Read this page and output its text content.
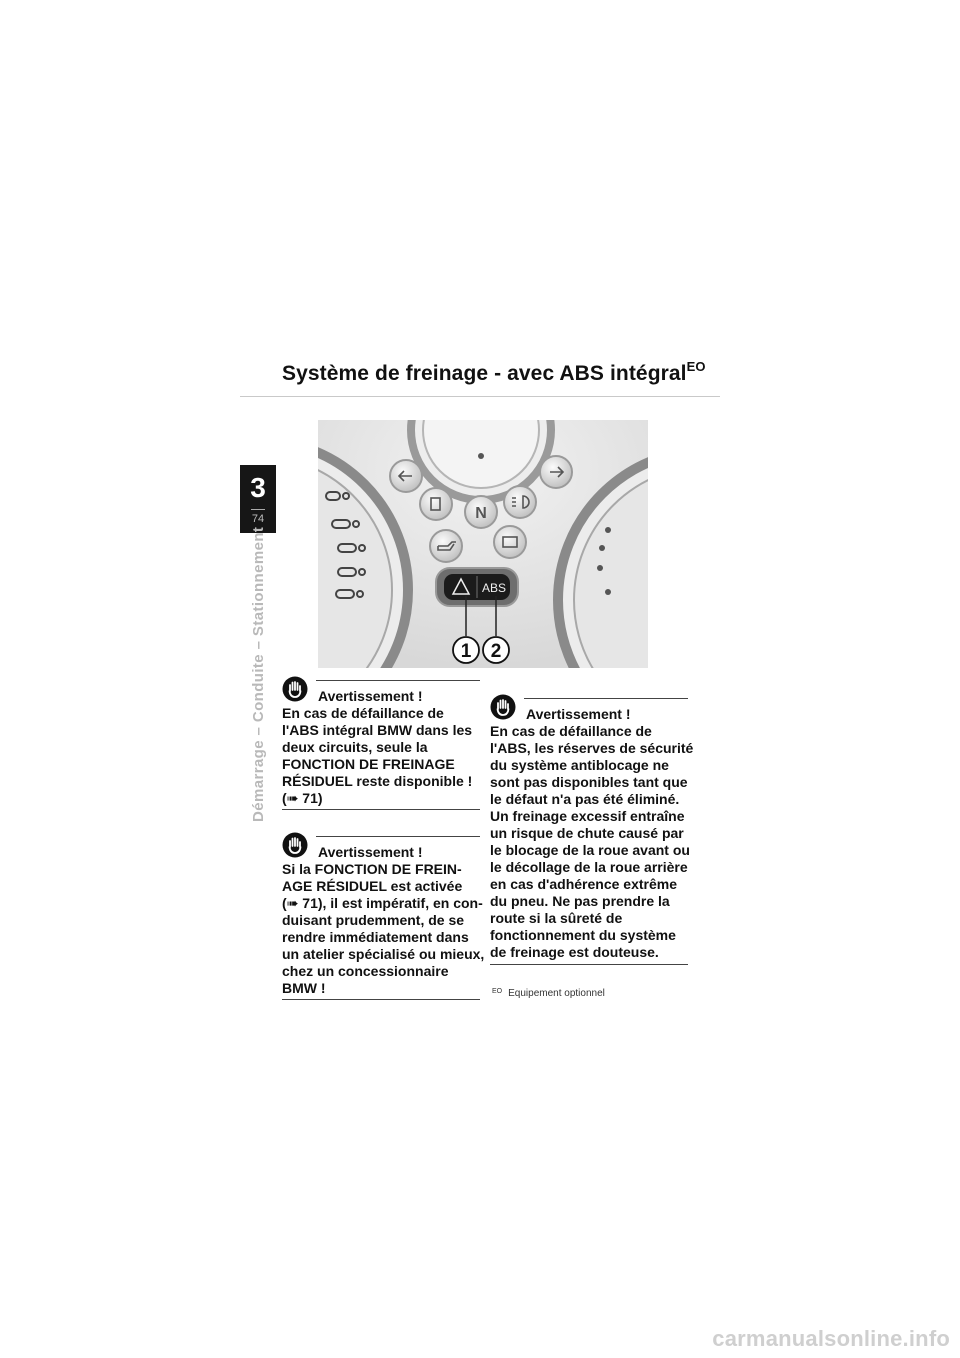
Système de freinage - avec ABS intégral$^{EO}$
3
74
Démarrage – Conduite – Stationnement
N
ABS
1 2
Avertissement !
En cas de défaillance de
l'ABS intégral BMW dans les
deux circuits, seule la
FONCTION DE FREINAGE
RÉSIDUEL reste disponible !
(➠ 71)
Avertissement !
Si la FONCTION DE FREIN-
AGE RÉSIDUEL est activée
(➠ 71), il est impératif, en con-
duisant prudemment, de se
rendre immédiatement dans
un atelier spécialisé ou mieux,
chez un concessionnaire
BMW !
Avertissement !
En cas de défaillance de
l'ABS, les réserves de sécurité
du système antiblocage ne
sont pas disponibles tant que
le défaut n'a pas été éliminé.
Un freinage excessif entraîne
un risque de chute causé par
le blocage de la roue avant ou
le décollage de la roue arrière
en cas d'adhérence extrême
du pneu. Ne pas prendre la
route si la sûreté de
fonctionnement du système
de freinage est douteuse.
$^{EO}$ Equipement optionnel
carmanualsonline.info
